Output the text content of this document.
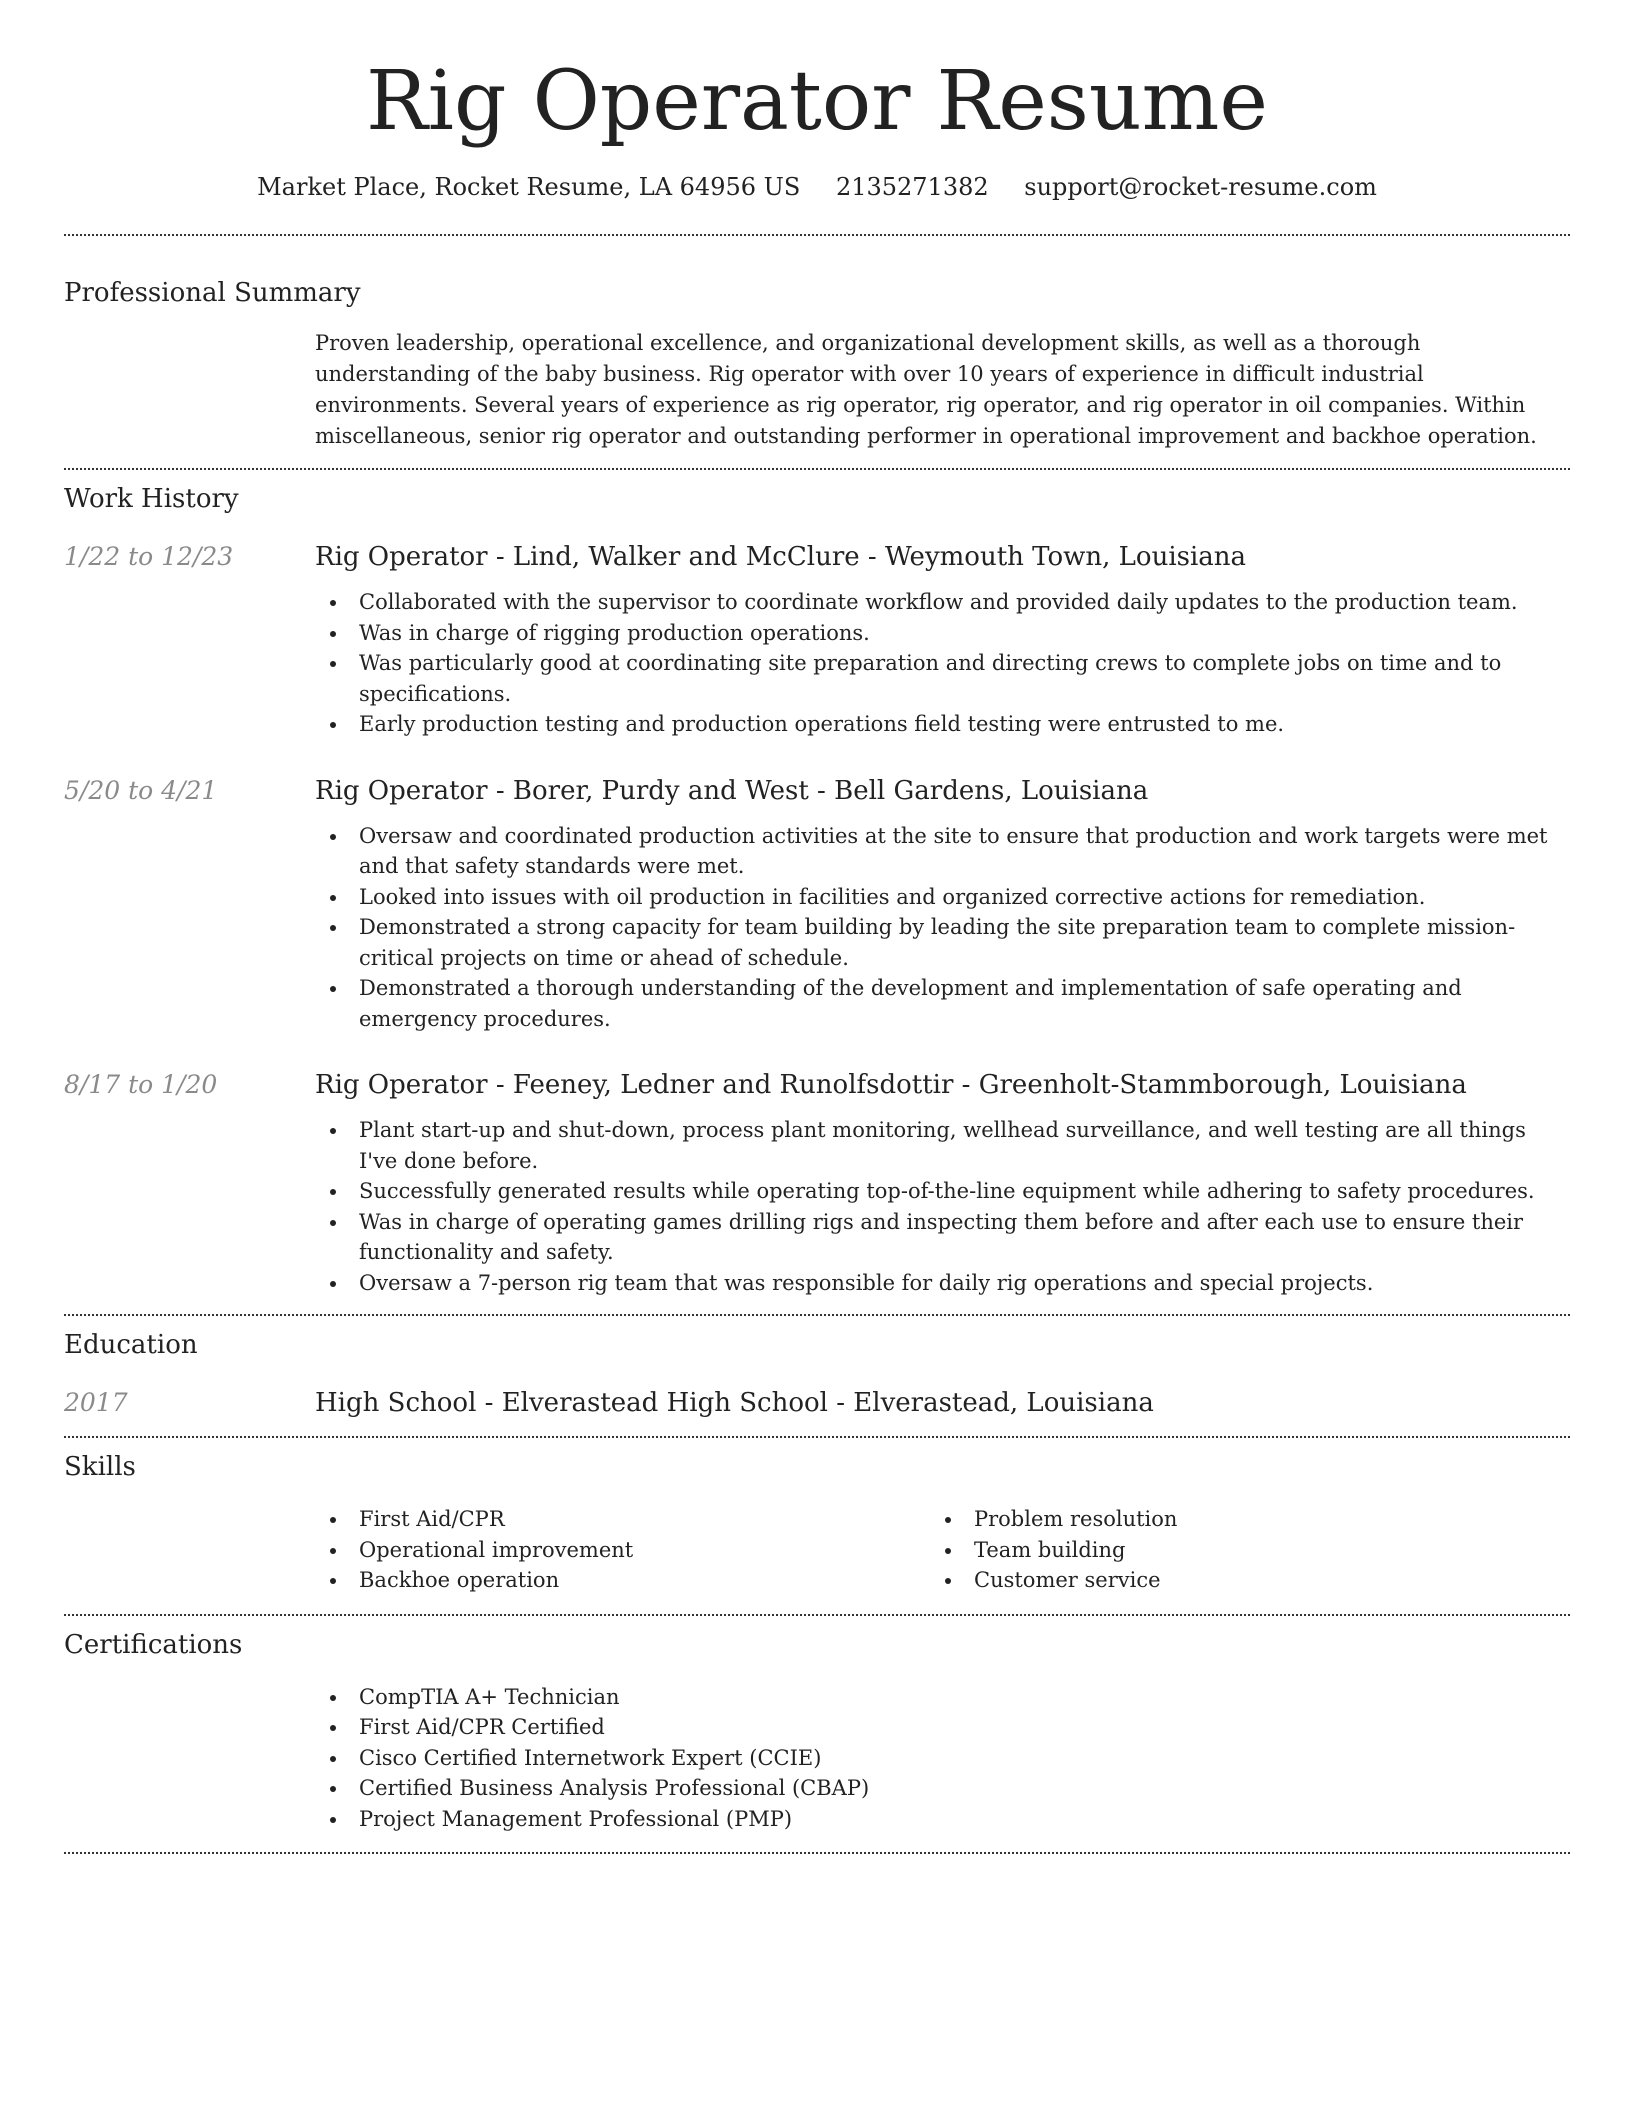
Rig Operator Resume
Market Place, Rocket Resume, LA 64956 US 2135271382 support@rocket-resume.com
Professional Summary
Proven leadership, operational excellence, and organizational development skills, as well as a thorough understanding of the baby business. Rig operator with over 10 years of experience in difficult industrial environments. Several years of experience as rig operator, rig operator, and rig operator in oil companies. Within miscellaneous, senior rig operator and outstanding performer in operational improvement and backhoe operation.
Work History
1/22 to 12/23	Rig Operator - Lind, Walker and McClure - Weymouth Town, Louisiana
Collaborated with the supervisor to coordinate workflow and provided daily updates to the production team.
Was in charge of rigging production operations.
Was particularly good at coordinating site preparation and directing crews to complete jobs on time and to specifications.
Early production testing and production operations field testing were entrusted to me.
5/20 to 4/21	Rig Operator - Borer, Purdy and West - Bell Gardens, Louisiana
Oversaw and coordinated production activities at the site to ensure that production and work targets were met and that safety standards were met.
Looked into issues with oil production in facilities and organized corrective actions for remediation.
Demonstrated a strong capacity for team building by leading the site preparation team to complete mission-critical projects on time or ahead of schedule.
Demonstrated a thorough understanding of the development and implementation of safe operating and emergency procedures.
8/17 to 1/20	Rig Operator - Feeney, Ledner and Runolfsdottir - Greenholt-Stammborough, Louisiana
Plant start-up and shut-down, process plant monitoring, wellhead surveillance, and well testing are all things I've done before.
Successfully generated results while operating top-of-the-line equipment while adhering to safety procedures.
Was in charge of operating games drilling rigs and inspecting them before and after each use to ensure their functionality and safety.
Oversaw a 7-person rig team that was responsible for daily rig operations and special projects.
Education
2017	High School - Elverastead High School - Elverastead, Louisiana
Skills
First Aid/CPR
Operational improvement
Backhoe operation
Problem resolution
Team building
Customer service
Certifications
CompTIA A+ Technician
First Aid/CPR Certified
Cisco Certified Internetwork Expert (CCIE)
Certified Business Analysis Professional (CBAP)
Project Management Professional (PMP)
